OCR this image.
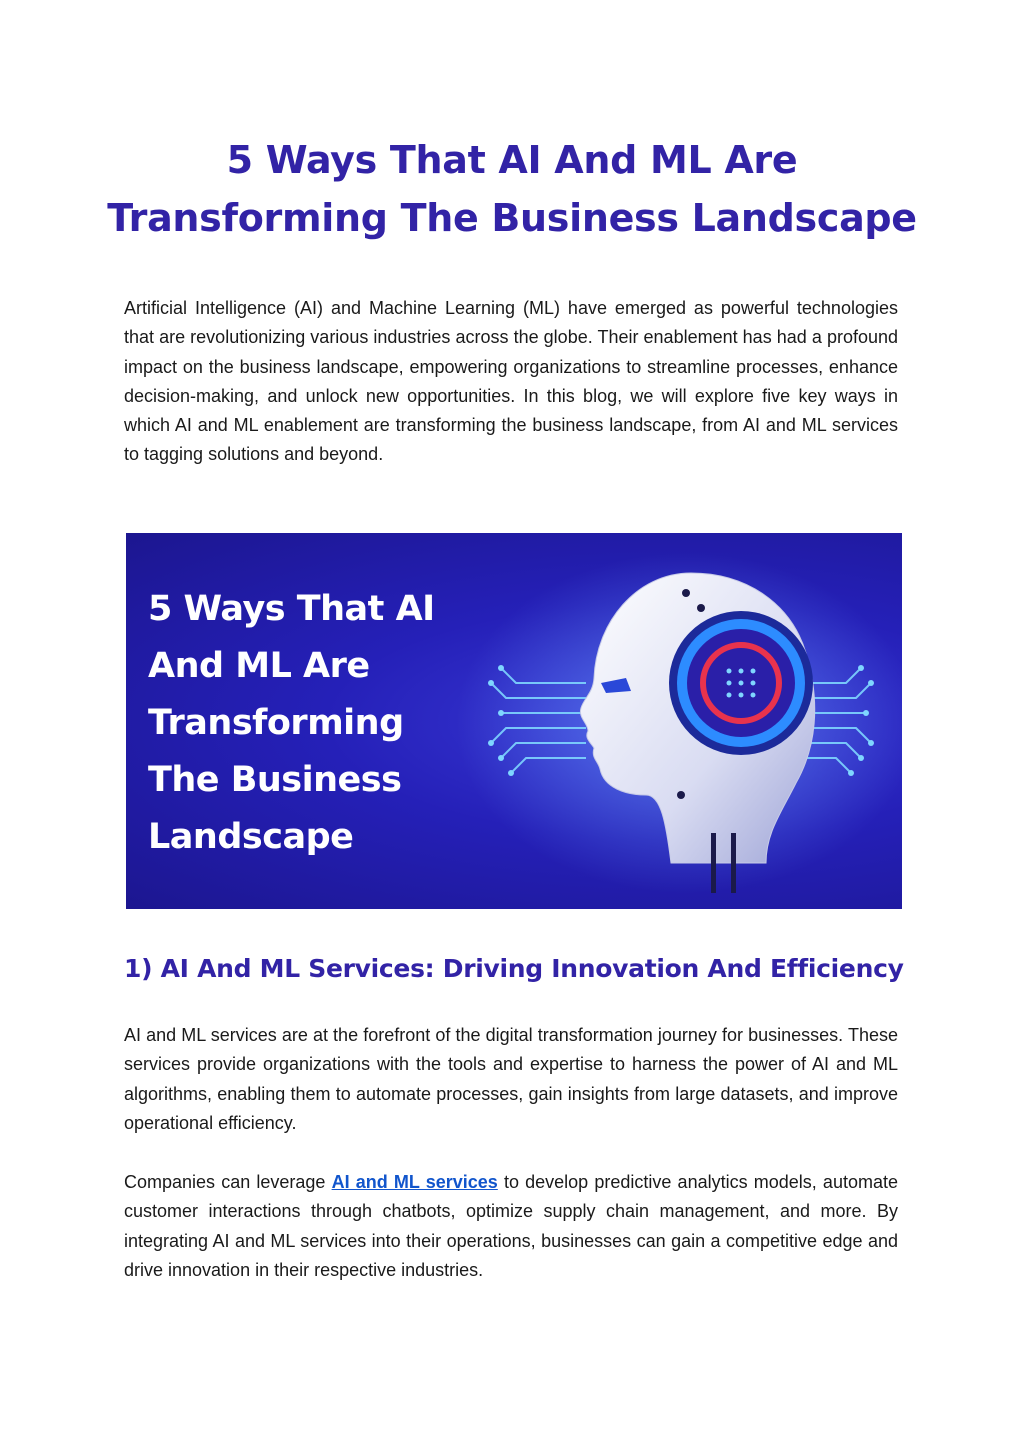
5 Ways That AI And ML Are Transforming The Business Landscape

Artificial Intelligence (AI) and Machine Learning (ML) have emerged as powerful technologies that are revolutionizing various industries across the globe. Their enablement has had a profound impact on the business landscape, empowering organizations to streamline processes, enhance decision-making, and unlock new opportunities. In this blog, we will explore five key ways in which AI and ML enablement are transforming the business landscape, from AI and ML services to tagging solutions and beyond.

5 Ways That AI
And ML Are
Transforming
The Business
Landscape

1) AI And ML Services: Driving Innovation And Efficiency

AI and ML services are at the forefront of the digital transformation journey for businesses. These services provide organizations with the tools and expertise to harness the power of AI and ML algorithms, enabling them to automate processes, gain insights from large datasets, and improve operational efficiency.

Companies can leverage AI and ML services to develop predictive analytics models, automate customer interactions through chatbots, optimize supply chain management, and more. By integrating AI and ML services into their operations, businesses can gain a competitive edge and drive innovation in their respective industries.
